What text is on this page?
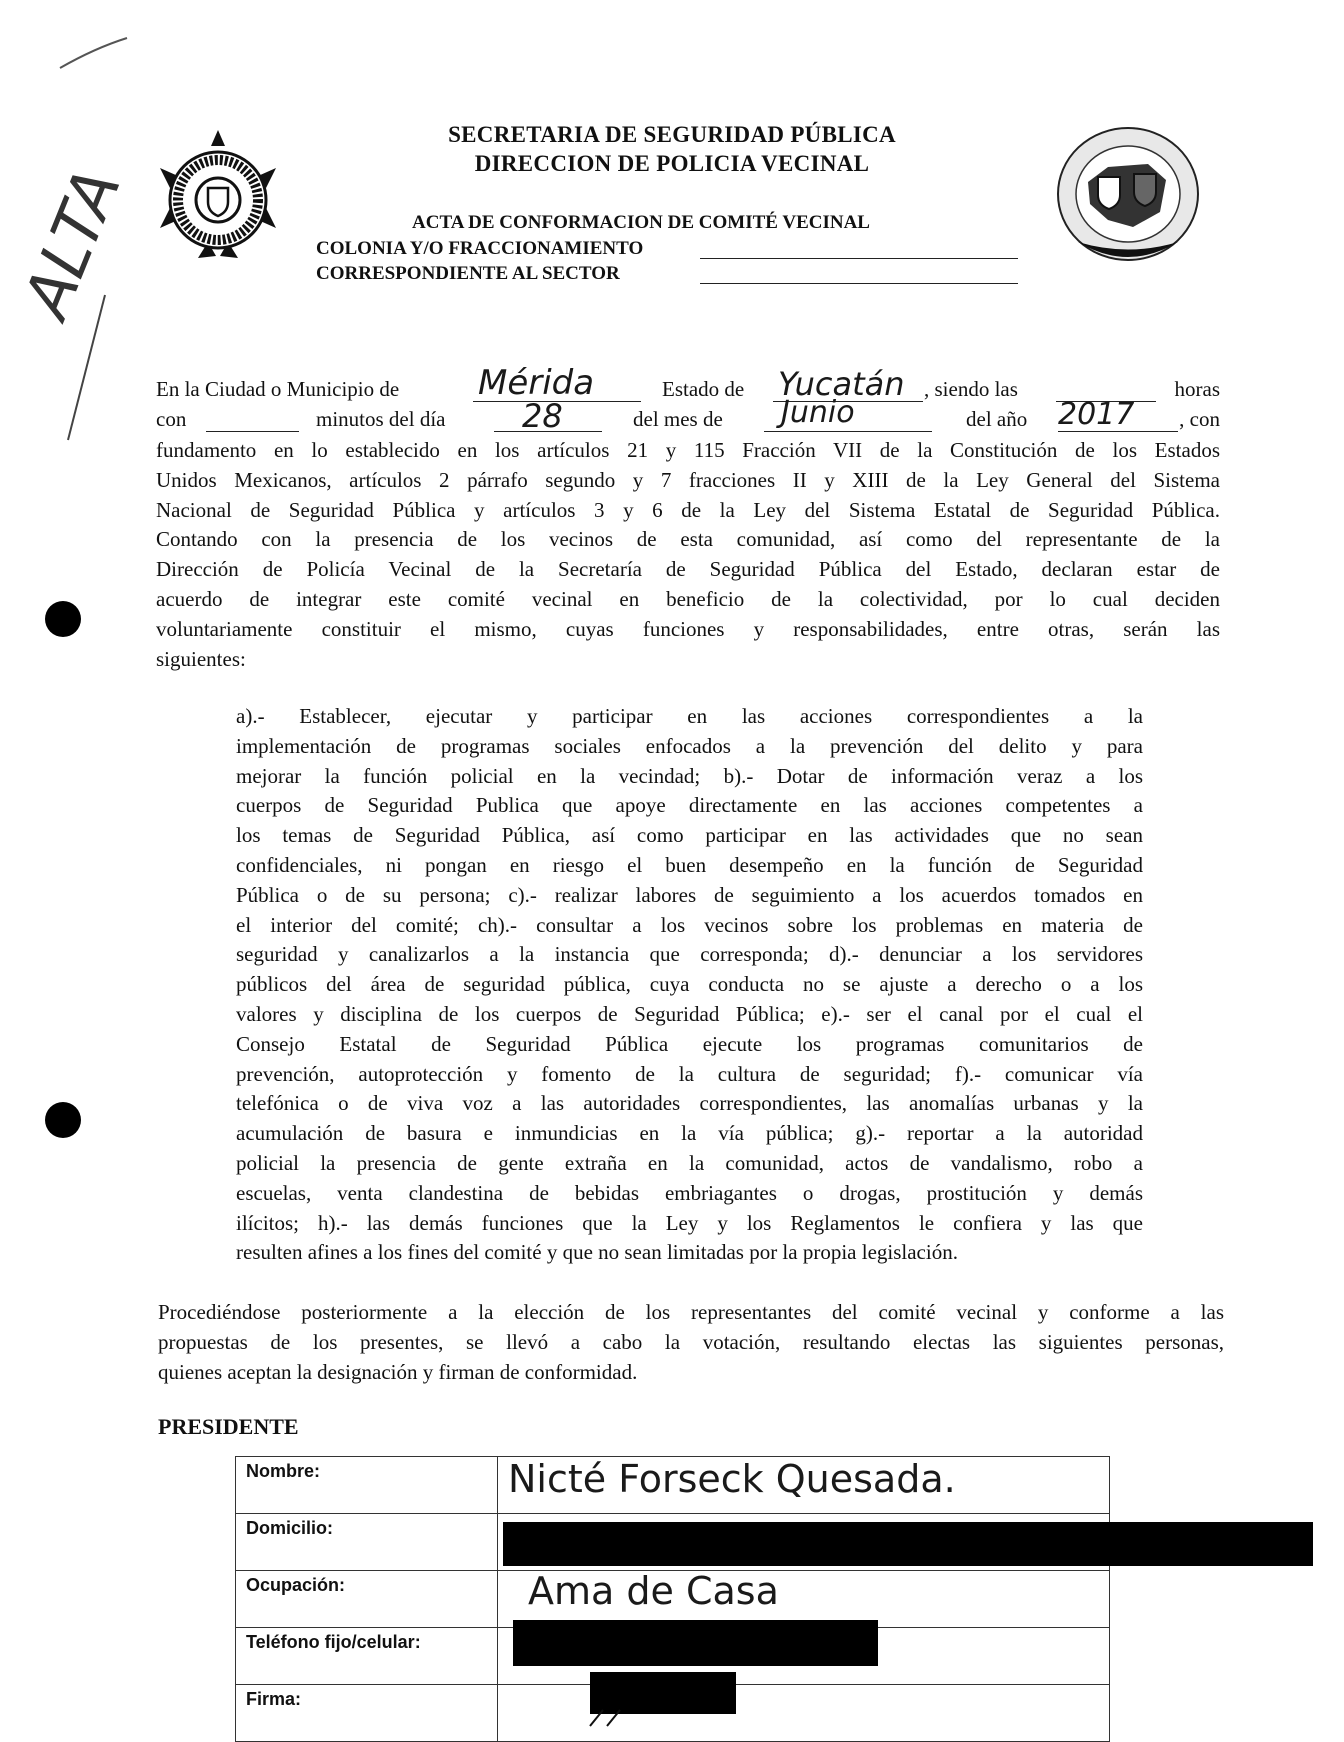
ALTA
SECRETARIA DE SEGURIDAD PÚBLICA
DIRECCION DE POLICIA VECINAL
ACTA DE CONFORMACION DE COMITÉ VECINAL
COLONIA Y/O FRACCIONAMIENTO
CORRESPONDIENTE AL SECTOR
En la Ciudad o Municipio de Mérida	Estado de Yucatán , siendo las	horas
con	minutos del día 28	del mes de Junio	del año 2017 , con
fundamento en lo establecido en los artículos 21 y 115 Fracción VII de la Constitución de los Estados
Unidos Mexicanos, artículos 2 párrafo segundo y 7 fracciones II y XIII de la Ley General del Sistema
Nacional de Seguridad Pública y artículos 3 y 6 de la Ley del Sistema Estatal de Seguridad Pública.
Contando con la presencia de los vecinos de esta comunidad, así como del representante de la
Dirección de Policía Vecinal de la Secretaría de Seguridad Pública del Estado, declaran estar de
acuerdo de integrar este comité vecinal en beneficio de la colectividad, por lo cual deciden
voluntariamente constituir el mismo, cuyas funciones y responsabilidades, entre otras, serán las
siguientes:
a).- Establecer, ejecutar y participar en las acciones correspondientes a la
implementación de programas sociales enfocados a la prevención del delito y para
mejorar la función policial en la vecindad; b).- Dotar de información veraz a los
cuerpos de Seguridad Publica que apoye directamente en las acciones competentes a
los temas de Seguridad Pública, así como participar en las actividades que no sean
confidenciales, ni pongan en riesgo el buen desempeño en la función de Seguridad
Pública o de su persona; c).- realizar labores de seguimiento a los acuerdos tomados en
el interior del comité; ch).- consultar a los vecinos sobre los problemas en materia de
seguridad y canalizarlos a la instancia que corresponda; d).- denunciar a los servidores
públicos del área de seguridad pública, cuya conducta no se ajuste a derecho o a los
valores y disciplina de los cuerpos de Seguridad Pública; e).- ser el canal por el cual el
Consejo Estatal de Seguridad Pública ejecute los programas comunitarios de
prevención, autoprotección y fomento de la cultura de seguridad; f).- comunicar vía
telefónica o de viva voz a las autoridades correspondientes, las anomalías urbanas y la
acumulación de basura e inmundicias en la vía pública; g).- reportar a la autoridad
policial la presencia de gente extraña en la comunidad, actos de vandalismo, robo a
escuelas, venta clandestina de bebidas embriagantes o drogas, prostitución y demás
ilícitos; h).- las demás funciones que la Ley y los Reglamentos le confiera y las que
resulten afines a los fines del comité y que no sean limitadas por la propia legislación.
Procediéndose posteriormente a la elección de los representantes del comité vecinal y conforme a las
propuestas de los presentes, se llevó a cabo la votación, resultando electas las siguientes personas,
quienes aceptan la designación y firman de conformidad.
PRESIDENTE
Nombre:	Nicté Forseck Quesada.

Domicilio:	
Ocupación:	Ama de Casa

Teléfono fijo/celular:	
Firma:	
